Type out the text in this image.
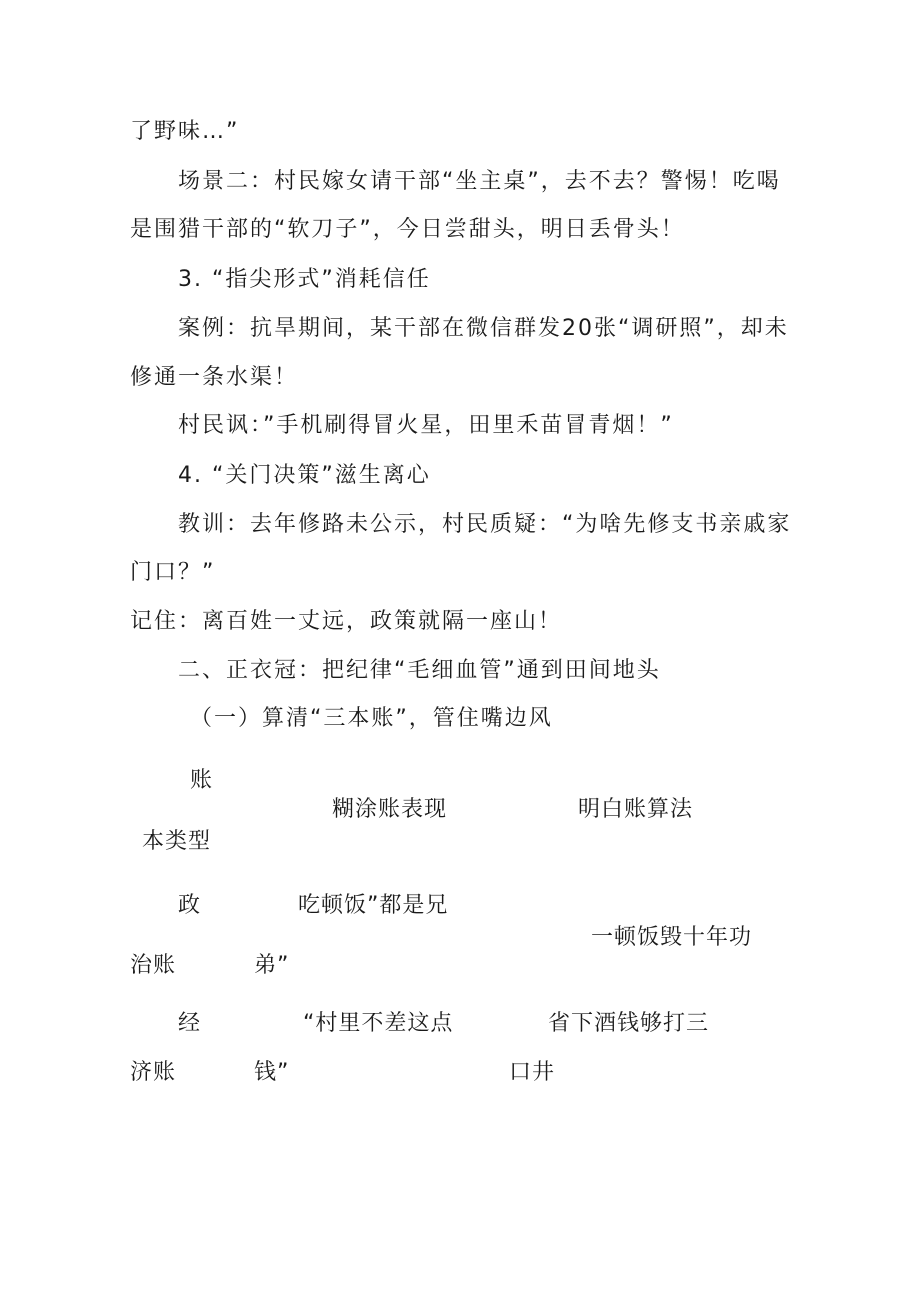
了野味…”
场景二：村民嫁女请干部“坐主桌”，去不去？警惕！吃喝
是围猎干部的“软刀子”，今日尝甜头，明日丢骨头！
3. “指尖形式”消耗信任
案例：抗旱期间，某干部在微信群发20张“调研照”，却未
修通一条水渠！
村民讽：”手机刷得冒火星，田里禾苗冒青烟！”
4. “关门决策”滋生离心
教训：去年修路未公示，村民质疑：“为啥先修支书亲戚家
门口？”
记住：离百姓一丈远，政策就隔一座山！
二、正衣冠：把纪律“毛细血管”通到田间地头
（一）算清“三本账”，管住嘴边风
账
本类型
糊涂账表现	明白账算法
政
治账
吃顿饭”都是兄
弟”
一顿饭毁十年功
经
济账
“村里不差这点
钱”
省下酒钱够打三
口井
